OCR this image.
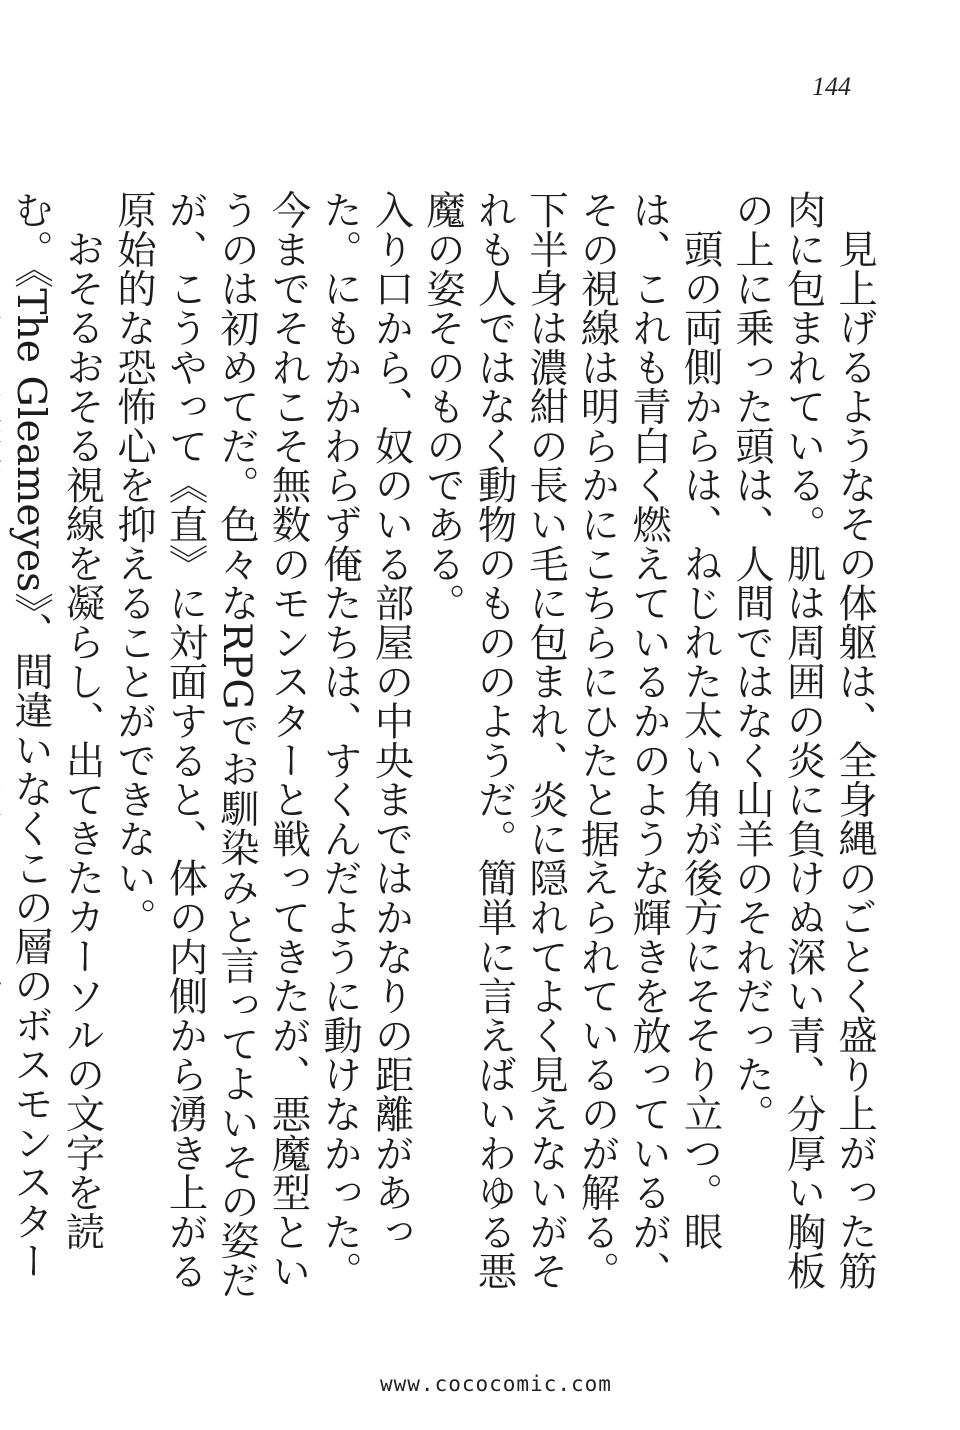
144

見上げるようなその体躯は、全身縄のごとく盛り上がった筋肉に包まれている。肌は周囲の炎に負けぬ深い青、分厚い胸板の上に乗った頭は、人間ではなく山羊のそれだった。

頭の両側からは、ねじれた太い角が後方にそそり立つ。眼は、これも青白く燃えているかのような輝きを放っているが、その視線は明らかにこちらにひたと据えられているのが解る。下半身は濃紺の長い毛に包まれ、炎に隠れてよく見えないがそれも人ではなく動物のもののようだ。簡単に言えばいわゆる悪魔の姿そのものである。

入り口から、奴のいる部屋の中央まではかなりの距離があった。にもかかわらず俺たちは、すくんだように動けなかった。今までそれこそ無数のモンスターと戦ってきたが、悪魔型というのは初めてだ。色々なRPGでお馴染みと言ってよいその姿だが、こうやって《直》に対面すると、体の内側から湧き上がる原始的な恐怖心を抑えることができない。

おそるおそる視線を凝らし、出てきたカーソルの文字を読む。《The Gleameyes》、間違いなくこの層のボスモンスター

www.cococomic.com
